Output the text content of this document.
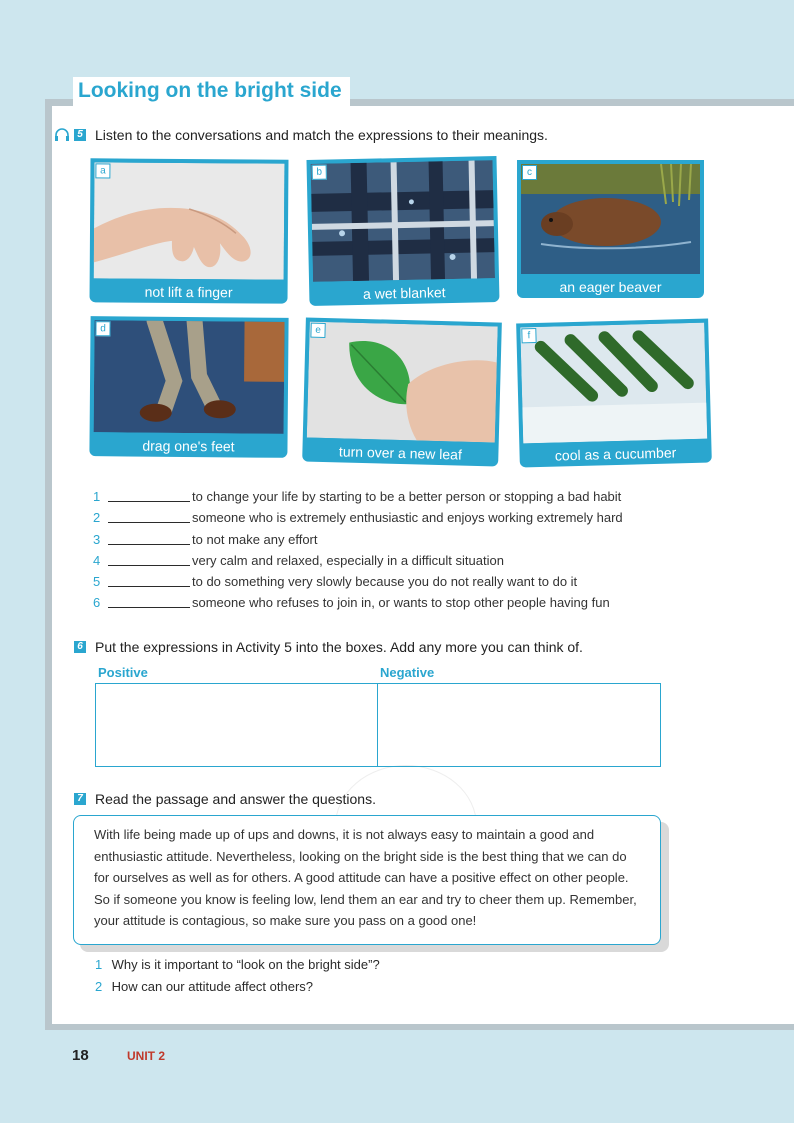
Looking on the bright side
5 Listen to the conversations and match the expressions to their meanings.
a
not lift a finger
b
a wet blanket
c
an eager beaver
d
drag one's feet
e
turn over a new leaf
f
cool as a cucumber
1	to change your life by starting to be a better person or stopping a bad habit
2	someone who is extremely enthusiastic and enjoys working extremely hard
3	to not make any effort
4	very calm and relaxed, especially in a difficult situation
5	to do something very slowly because you do not really want to do it
6	someone who refuses to join in, or wants to stop other people having fun
6 Put the expressions in Activity 5 into the boxes. Add any more you can think of.
Positive	Negative
7 Read the passage and answer the questions.

With life being made up of ups and downs, it is not always easy to maintain a good and enthusiastic attitude. Nevertheless, looking on the bright side is the best thing that we can do for ourselves as well as for others. A good attitude can have a positive effect on other people. So if someone you know is feeling low, lend them an ear and try to cheer them up. Remember, your attitude is contagious, so make sure you pass on a good one!

1 Why is it important to “look on the bright side”?
2 How can our attitude affect others?
18	UNIT 2
